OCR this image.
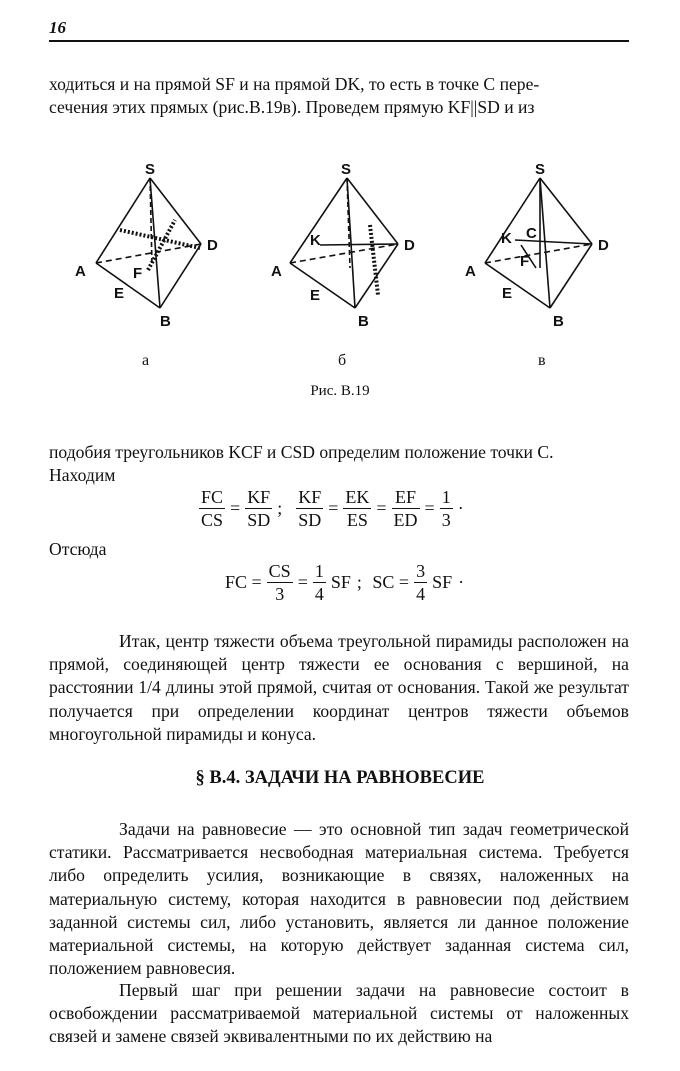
16

ходиться и на прямой SF и на прямой DK, то есть в точке C пере-

сечения этих прямых (рис.В.19в). Проведем прямую KF||SD и из

S
A
E
B
D
F
S
A
E
B
D
K
S
A
E
B
D
K C
F
а	б	в
Рис. В.19

подобия треугольников KCF и CSD определим положение точки C.

Находим

$\frac{FC}{CS} = \frac{KF}{SD}$ ; $\frac{KF}{SD} = \frac{EK}{ES} = \frac{EF}{ED} = \frac{1}{3}$ ·

Отсюда

FC = $\frac{CS}{3} = \frac{1}{4}$ SF ; SC = $\frac{3}{4}$ SF ·

Итак, центр тяжести объема треугольной пирамиды расположен на прямой, соединяющей центр тяжести ее основания с вершиной, на расстоянии 1/4 длины этой прямой, считая от основания. Такой же результат получается при определении координат центров тяжести объемов многоугольной пирамиды и конуса.

§ В.4. ЗАДАЧИ НА РАВНОВЕСИЕ

Задачи на равновесие — это основной тип задач геометрической статики. Рассматривается несвободная материальная система. Требуется либо определить усилия, возникающие в связях, наложенных на материальную систему, которая находится в равновесии под действием заданной системы сил, либо установить, является ли данное положение материальной системы, на которую действует заданная система сил, положением равновесия.

Первый шаг при решении задачи на равновесие состоит в освобождении рассматриваемой материальной системы от наложенных связей и замене связей эквивалентными по их действию на
